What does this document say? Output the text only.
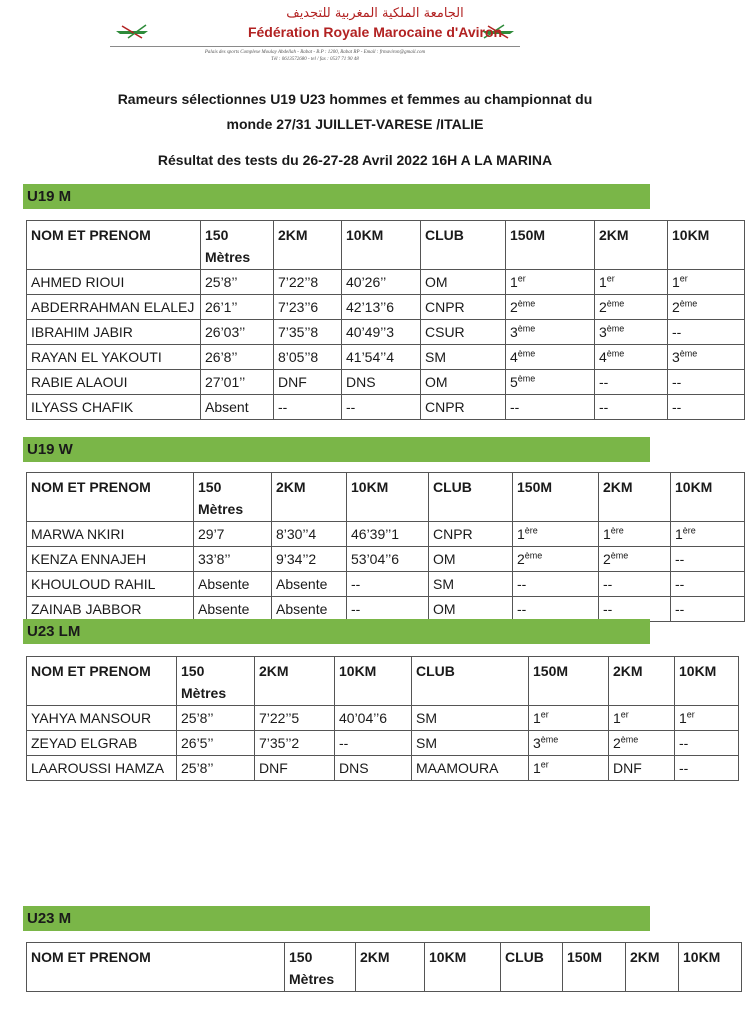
الجامعة الملكية المغربية للتجديف
Fédération Royale Marocaine d'Aviron
Palais des sports Complexe Moulay Abdellah - Rabat - B.P : 1200, Rabat RP - Email : frmaviron@gmail.com
Tél : 0613572680 - tel / fax : 0537 71 90 48
Rameurs sélectionnes U19 U23 hommes et femmes au championnat du
monde 27/31 JUILLET-VARESE /ITALIE
Résultat des tests du 26-27-28 Avril 2022 16H A LA MARINA
U19 M
NOM ET PRENOM	150 Mètres	2KM	10KM	CLUB	150M	2KM	10KM
AHMED RIOUI	25’8’’	7’22’’8	40’26’’	OM	1er	1er	1er
ABDERRAHMAN ELALEJ	26’1’’	7’23’’6	42’13’’6	CNPR	2ème	2ème	2ème
IBRAHIM JABIR	26’03’’	7’35’’8	40’49’’3	CSUR	3ème	3ème	--
RAYAN EL YAKOUTI	26’8’’	8’05’’8	41’54’’4	SM	4ème	4ème	3ème
RABIE ALAOUI	27’01’’	DNF	DNS	OM	5ème	--	--
ILYASS CHAFIK	Absent	--	--	CNPR	--	--	--
U19 W
NOM ET PRENOM	150 Mètres	2KM	10KM	CLUB	150M	2KM	10KM
MARWA NKIRI	29’7	8’30’’4	46’39’’1	CNPR	1ère	1ère	1ère
KENZA ENNAJEH	33’8’’	9’34’’2	53’04’’6	OM	2ème	2ème	--
KHOULOUD RAHIL	Absente	Absente	--	SM	--	--	--
ZAINAB JABBOR	Absente	Absente	--	OM	--	--	--
U23 LM
NOM ET PRENOM	150 Mètres	2KM	10KM	CLUB	150M	2KM	10KM
YAHYA MANSOUR	25’8’’	7’22’’5	40’04’’6	SM	1er	1er	1er
ZEYAD ELGRAB	26’5’’	7’35’’2	--	SM	3ème	2ème	--
LAAROUSSI HAMZA	25’8’’	DNF	DNS	MAAMOURA	1er	DNF	--
U23 M
NOM ET PRENOM	150 Mètres	2KM	10KM	CLUB	150M	2KM	10KM
